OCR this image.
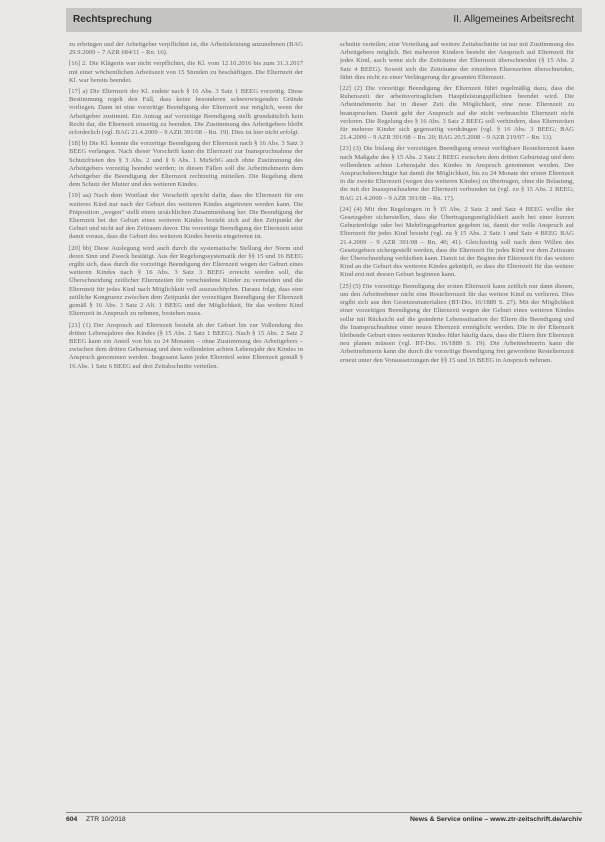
Rechtsprechung	II. Allgemeines Arbeitsrecht

zu erbringen und der Arbeitgeber verpflichtet ist, die Arbeitsleistung anzunehmen (BAG 29.9.2009 – 7 AZR 684/11 – Rn. 16).

[16] 2. Die Klägerin war nicht verpflichtet, die Kl. vom 12.10.2016 bis zum 31.3.2017 mit einer wöchentlichen Arbeitszeit von 15 Stunden zu beschäftigen. Die Elternzeit der Kl. war bereits beendet.

[17] a) Die Elternzeit der Kl. endete nach § 16 Abs. 3 Satz 1 BEEG vorzeitig. Diese Bestimmung regelt den Fall, dass keine besonderen schwerwiegenden Gründe vorliegen. Dann ist eine vorzeitige Beendigung der Elternzeit nur möglich, wenn der Arbeitgeber zustimmt. Ein Antrag auf vorzeitige Beendigung stellt grundsätzlich kein Recht dar, die Elternzeit einseitig zu beenden. Die Zustimmung des Arbeitgebers bleibt erforderlich (vgl. BAG 21.4.2009 – 9 AZR 391/08 – Rn. 19). Dies ist hier nicht erfolgt.

[18] b) Die Kl. konnte die vorzeitige Beendigung der Elternzeit nach § 16 Abs. 3 Satz 3 BEEG verlangen. Nach dieser Vorschrift kann die Elternzeit zur Inanspruchnahme der Schutzfristen des § 3 Abs. 2 und § 6 Abs. 1 MuSchG auch ohne Zustimmung des Arbeitgebers vorzeitig beendet werden; in diesen Fällen soll die Arbeitnehmerin dem Arbeitgeber die Beendigung der Elternzeit rechtzeitig mitteilen. Die Regelung dient dem Schutz der Mutter und des weiteren Kindes.

[19] aa) Nach dem Wortlaut der Vorschrift spricht dafür, dass die Elternzeit für ein weiteres Kind nur nach der Geburt des weiteren Kindes angetreten werden kann. Die Präposition „wegen“ stellt einen ursächlichen Zusammenhang her. Die Beendigung der Elternzeit bei der Geburt eines weiteren Kindes bezieht sich auf den Zeitpunkt der Geburt und nicht auf den Zeitraum davor. Die vorzeitige Beendigung der Elternzeit setzt damit voraus, dass die Geburt des weiteren Kindes bereits eingetreten ist.

[20] bb) Diese Auslegung wird auch durch die systematische Stellung der Norm und deren Sinn und Zweck bestätigt. Aus der Regelungssystematik der §§ 15 und 16 BEEG ergibt sich, dass durch die vorzeitige Beendigung der Elternzeit wegen der Geburt eines weiteren Kindes nach § 16 Abs. 3 Satz 3 BEEG erreicht werden soll, die Überschneidung zeitlicher Elternzeiten für verschiedene Kinder zu vermeiden und die Elternzeit für jedes Kind nach Möglichkeit voll auszuschöpfen. Daraus folgt, dass eine zeitliche Kongruenz zwischen dem Zeitpunkt der vorzeitigen Beendigung der Elternzeit gemäß § 16 Abs. 3 Satz 2 Alt. 1 BEEG und der Möglichkeit, für das weitere Kind Elternzeit in Anspruch zu nehmen, bestehen muss.

[21] (1) Der Anspruch auf Elternzeit besteht ab der Geburt bis zur Vollendung des dritten Lebensjahres des Kindes (§ 15 Abs. 2 Satz 1 BEEG). Nach § 15 Abs. 2 Satz 2 BEEG kann ein Anteil von bis zu 24 Monaten – ohne Zustimmung des Arbeitgebers – zwischen dem dritten Geburtstag und dem vollendeten achten Lebensjahr des Kindes in Anspruch genommen werden. Insgesamt kann jeder Elternteil seine Elternzeit gemäß § 16 Abs. 1 Satz 6 BEEG auf drei Zeitabschnitte verteilen.

schnitte verteilen; eine Verteilung auf weitere Zeitabschnitte ist nur mit Zustimmung des Arbeitgebers möglich. Bei mehreren Kindern besteht der Anspruch auf Elternzeit für jedes Kind, auch wenn sich die Zeiträume der Elternzeit überschneiden (§ 15 Abs. 2 Satz 4 BEEG). Soweit sich die Zeiträume der einzelnen Elternzeiten überschneiden, führt dies nicht zu einer Verlängerung der gesamten Elternzeit.

[22] (2) Die vorzeitige Beendigung der Elternzeit führt regelmäßig dazu, dass die Ruhenszeit der arbeitsvertraglichen Hauptleistungspflichten beendet wird. Die Arbeitnehmerin hat in dieser Zeit die Möglichkeit, eine neue Elternzeit zu beanspruchen. Damit geht der Anspruch auf die nicht verbrauchte Elternzeit nicht verloren. Die Regelung des § 16 Abs. 3 Satz 2 BEEG soll verhindern, dass Elternzeiten für mehrere Kinder sich gegenseitig verdrängen (vgl. § 16 Abs. 3 BEEG; BAG 21.4.2009 – 9 AZR 391/08 – Rn. 20; BAG 20.5.2008 – 9 AZR 219/07 – Rn. 13).

[23] (3) Die bislang der vorzeitigen Beendigung erneut verfügbare Restelternzeit kann nach Maßgabe des § 15 Abs. 2 Satz 2 BEEG zwischen dem dritten Geburtstag und dem vollendeten achten Lebensjahr des Kindes in Anspruch genommen werden. Der Anspruchsberechtigte hat damit die Möglichkeit, bis zu 24 Monate der ersten Elternzeit in die zweite Elternzeit (wegen des weiteren Kindes) zu übertragen, ohne die Belastung, die mit der Inanspruchnahme der Elternzeit verbunden ist (vgl. zu § 15 Abs. 2 BEEG; BAG 21.4.2009 – 9 AZR 391/08 – Rn. 17).

[24] (4) Mit den Regelungen in § 15 Abs. 2 Satz 2 und Satz 4 BEEG wollte der Gesetzgeber sicherstellen, dass die Übertragungsmöglichkeit auch bei einer kurzen Geburtenfolge oder bei Mehrlingsgeburten gegeben ist, damit der volle Anspruch auf Elternzeit für jedes Kind besteht (vgl. zu § 15 Abs. 2 Satz 1 und Satz 4 BEEG BAG 21.4.2009 – 9 AZR 391/08 – Rn. 40; 41). Gleichzeitig soll nach dem Willen des Gesetzgebers sichergestellt werden, dass die Elternzeit für jedes Kind vor dem Zeitraum der Überschneidung verbleiben kann. Damit ist der Beginn der Elternzeit für das weitere Kind an die Geburt des weiteren Kindes geknüpft, so dass die Elternzeit für das weitere Kind erst mit dessen Geburt beginnen kann.

[25] (5) Die vorzeitige Beendigung der ersten Elternzeit kann zeitlich nur dann dienen, um den Arbeitnehmer nicht eine Restelternzeit für das weitere Kind zu verlieren. Dies ergibt sich aus den Gesetzesmaterialien (BT-Drs. 16/1889 S. 27). Mit der Möglichkeit einer vorzeitigen Beendigung der Elternzeit wegen der Geburt eines weiteren Kindes sollte mit Rücksicht auf die geänderte Lebenssituation der Eltern die Beendigung und die Inanspruchnahme einer neuen Elternzeit ermöglicht werden. Die in der Elternzeit bleibende Geburt eines weiteren Kindes führt häufig dazu, dass die Eltern ihre Elternzeit neu planen müssen (vgl. BT-Drs. 16/1889 S. 19). Die Arbeitnehmerin kann die Arbeitnehmerin kann die durch die vorzeitige Beendigung frei gewordene Restelternzeit erneut unter den Voraussetzungen der §§ 15 und 16 BEEG in Anspruch nehmen.

604 ZTR 10/2018	News & Service online – www.ztr-zeitschrift.de/archiv
